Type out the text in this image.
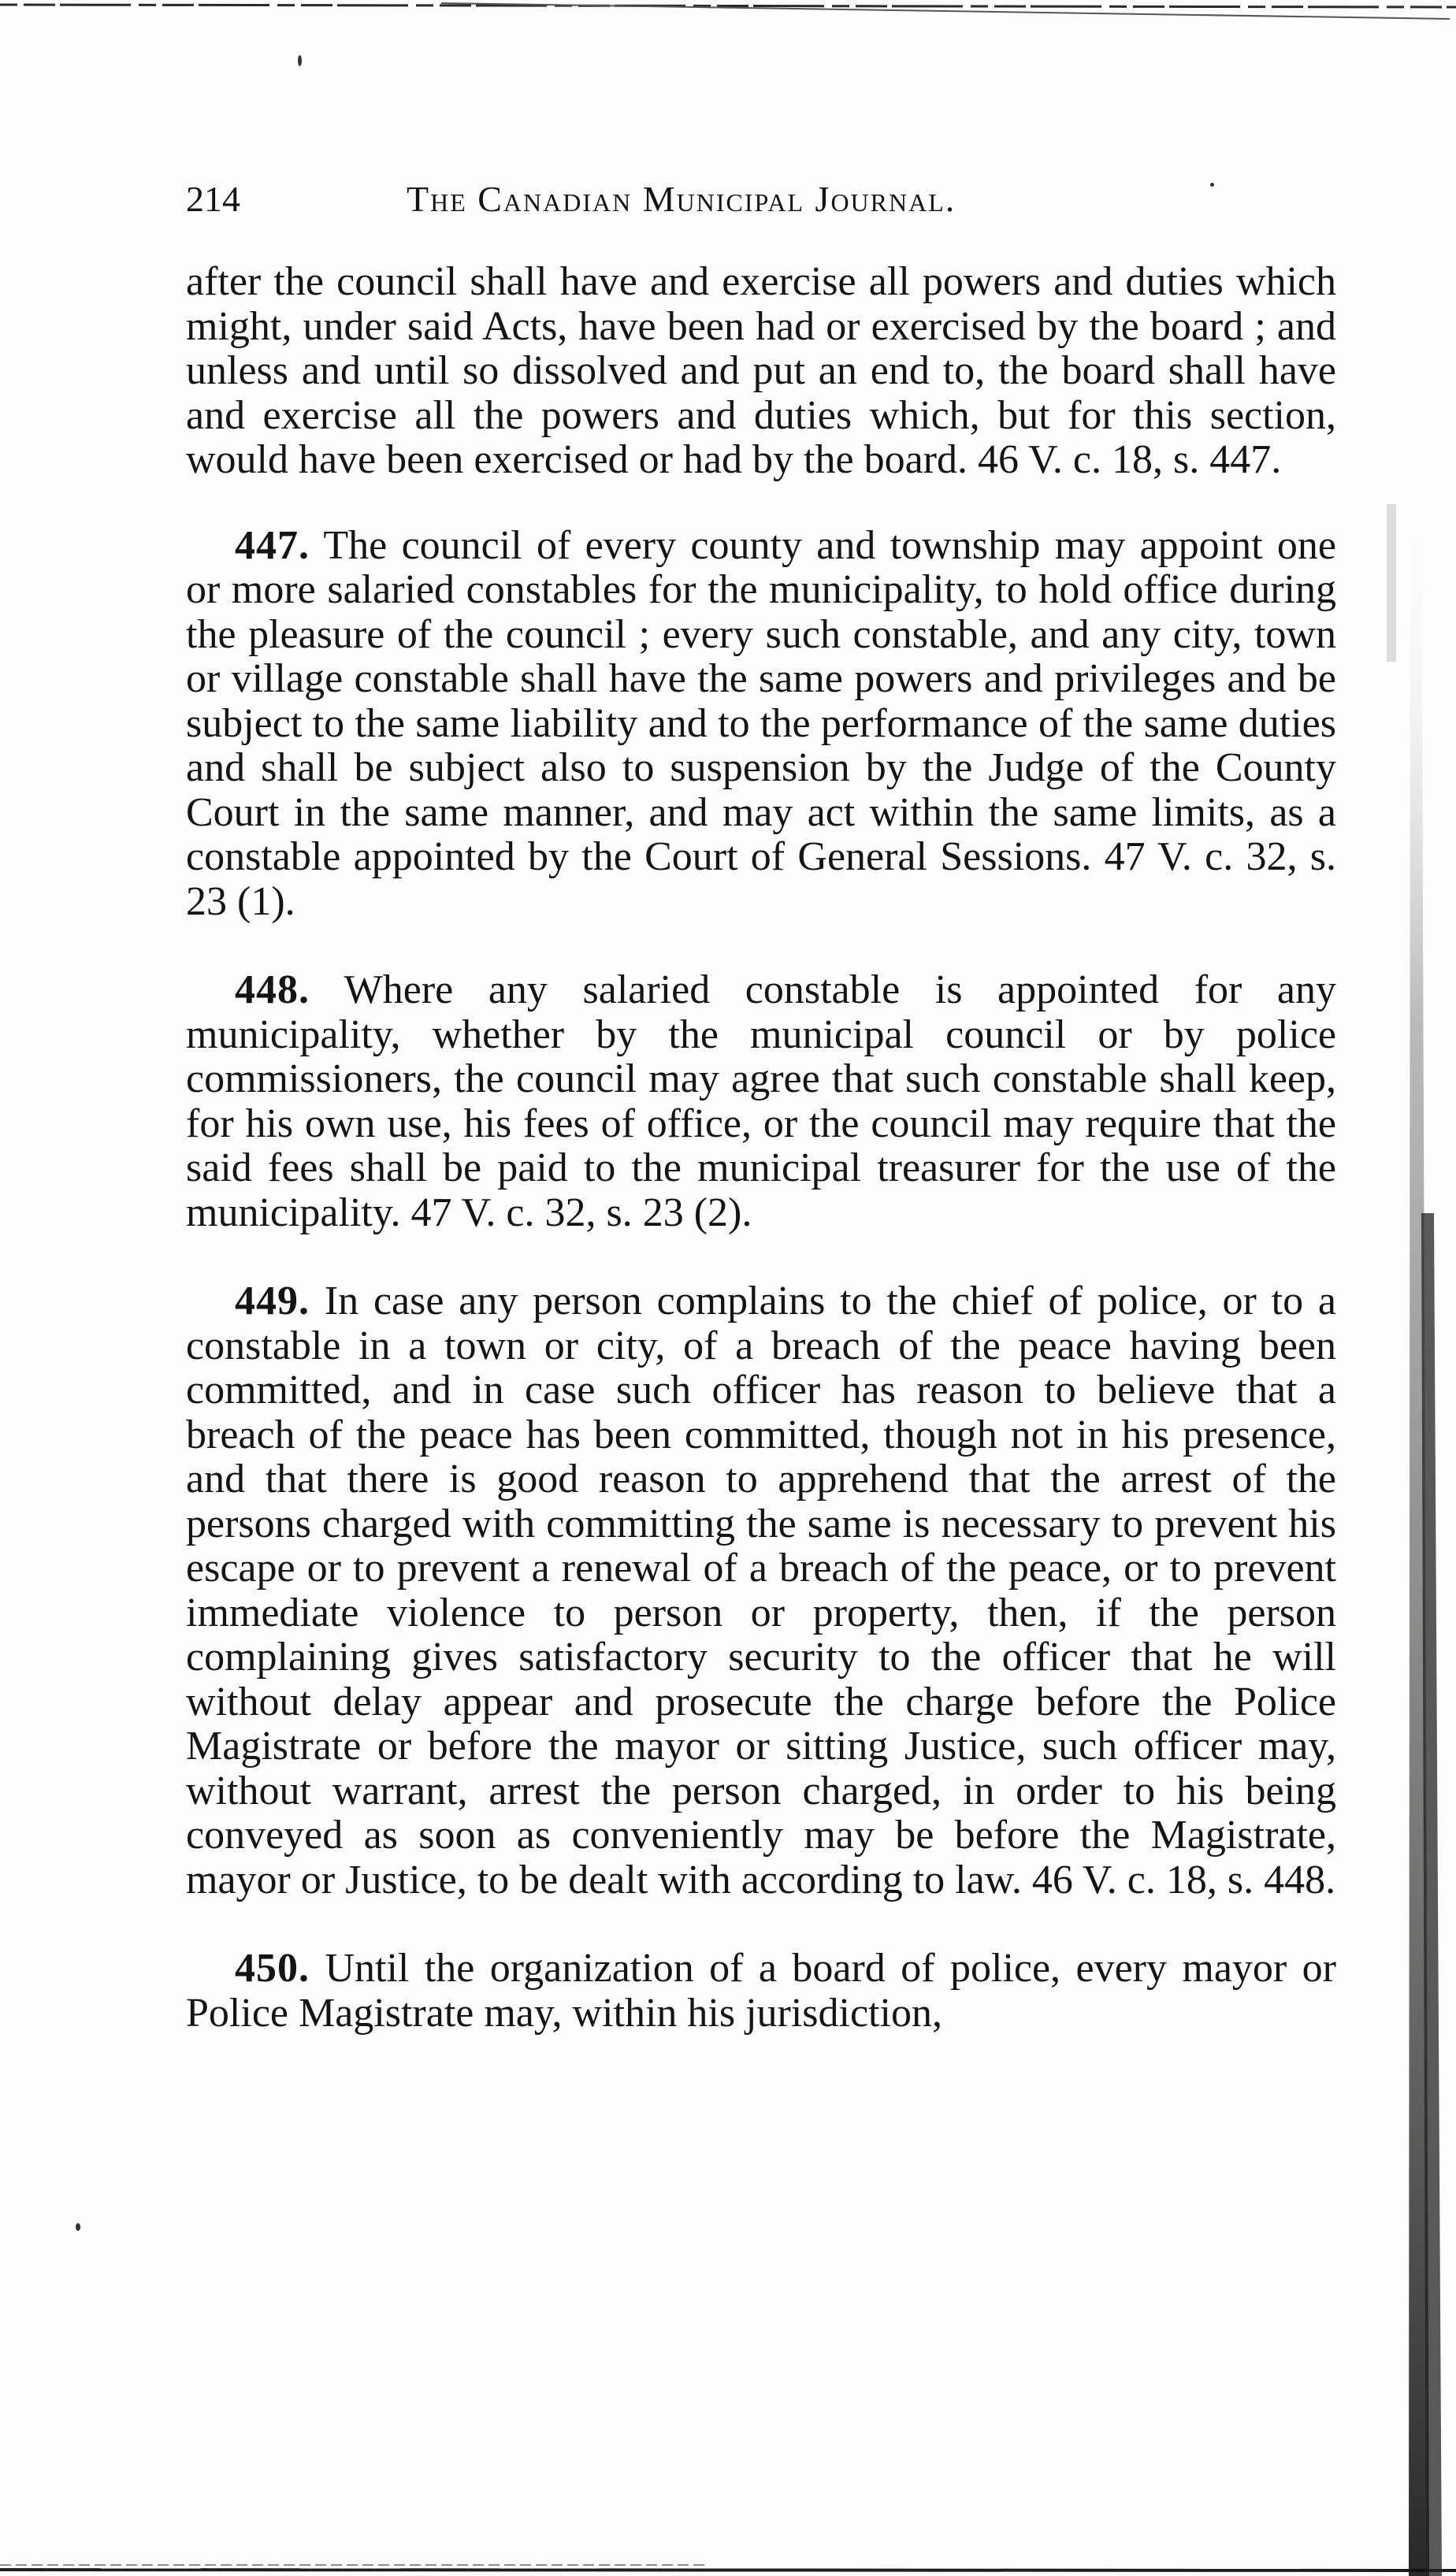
214	The Canadian Municipal Journal.

after the council shall have and exercise all powers and duties which might, under said Acts, have been had or exercised by the board ; and unless and until so dissolved and put an end to, the board shall have and exercise all the powers and duties which, but for this section, would have been exercised or had by the board. 46 V. c. 18, s. 447.

447. The council of every county and township may appoint one or more salaried constables for the municipality, to hold office during the pleasure of the council ; every such constable, and any city, town or village constable shall have the same powers and privileges and be subject to the same liability and to the performance of the same duties and shall be subject also to suspension by the Judge of the County Court in the same manner, and may act within the same limits, as a constable appointed by the Court of General Sessions. 47 V. c. 32, s. 23 (1).

448. Where any salaried constable is appointed for any municipality, whether by the municipal council or by police commissioners, the council may agree that such constable shall keep, for his own use, his fees of office, or the council may require that the said fees shall be paid to the municipal treasurer for the use of the municipality. 47 V. c. 32, s. 23 (2).

449. In case any person complains to the chief of police, or to a constable in a town or city, of a breach of the peace having been committed, and in case such officer has reason to believe that a breach of the peace has been committed, though not in his presence, and that there is good reason to apprehend that the arrest of the persons charged with committing the same is necessary to prevent his escape or to prevent a renewal of a breach of the peace, or to prevent immediate violence to person or property, then, if the person complaining gives satisfactory security to the officer that he will without delay appear and prosecute the charge before the Police Magistrate or before the mayor or sitting Justice, such officer may, without warrant, arrest the person charged, in order to his being conveyed as soon as conveniently may be before the Magistrate, mayor or Justice, to be dealt with according to law. 46 V. c. 18, s. 448.

450. Until the organization of a board of police, every mayor or Police Magistrate may, within his jurisdiction,
